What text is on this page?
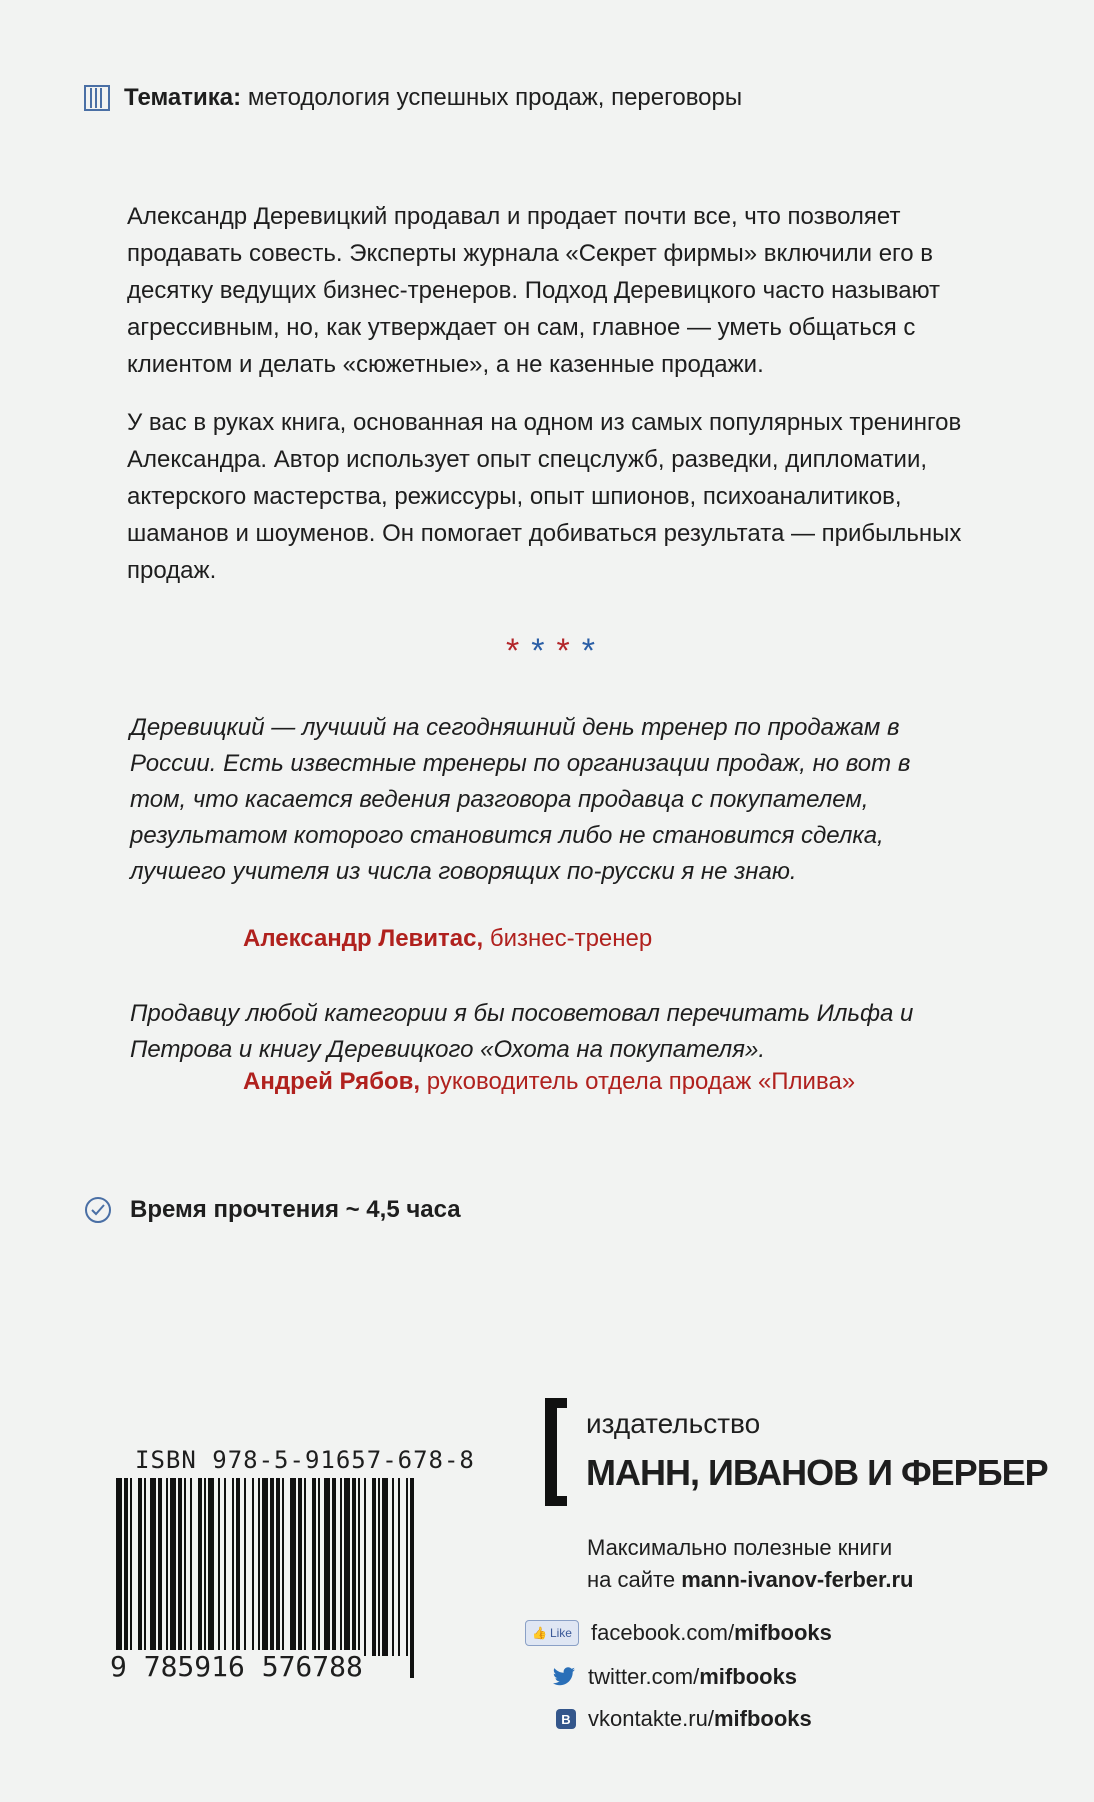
Тематика: методология успешных продаж, переговоры

Александр Деревицкий продавал и продает почти все, что позволяет продавать совесть. Эксперты журнала «Секрет фирмы» включили его в десятку ведущих бизнес-тренеров. Подход Деревицкого часто называют агрессивным, но, как утверждает он сам, главное — уметь общаться с клиентом и делать «сюжетные», а не казенные продажи.

У вас в руках книга, основанная на одном из самых популярных тренингов Александра. Автор использует опыт спецслужб, разведки, дипломатии, актерского мастерства, режиссуры, опыт шпионов, психоаналитиков, шаманов и шоуменов. Он помогает добиваться результата — прибыльных продаж.

****

Деревицкий — лучший на сегодняшний день тренер по продажам в России. Есть известные тренеры по организации продаж, но вот в том, что касается ведения разговора продавца с покупателем, результатом которого становится либо не становится сделка, лучшего учителя из числа говорящих по-русски я не знаю.

Александр Левитас, бизнес-тренер

Продавцу любой категории я бы посоветовал перечитать Ильфа и Петрова и книгу Деревицкого «Охота на покупателя».

Андрей Рябов, руководитель отдела продаж «Плива»
Время прочтения ~ 4,5 часа
ISBN 978-5-91657-678-8
9 785916 576788
издательство
МАНН, ИВАНОВ И ФЕРБЕР
Максимально полезные книги
на сайте mann-ivanov-ferber.ru
👍 Like facebook.com/mifbooks
twitter.com/mifbooks
B vkontakte.ru/mifbooks
